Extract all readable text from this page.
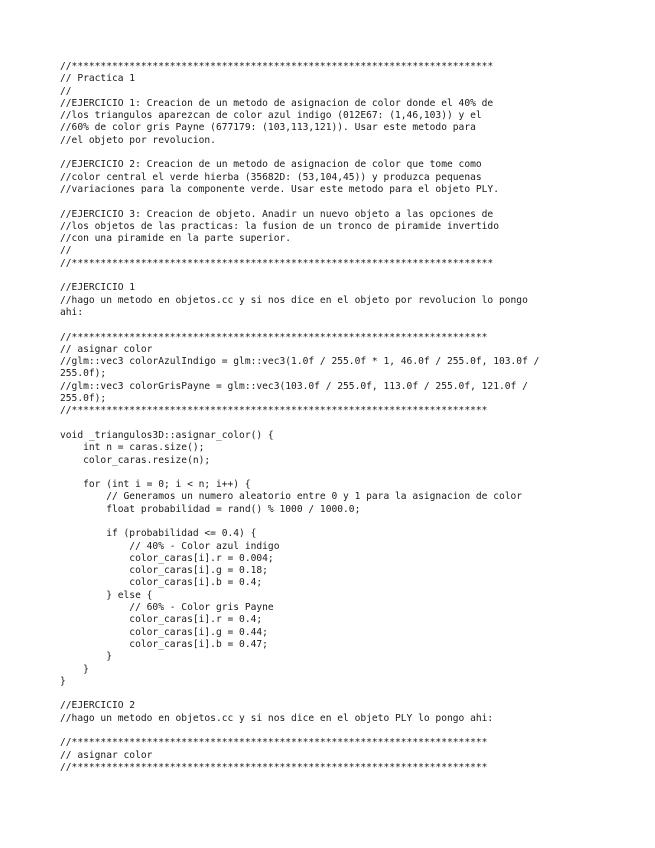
//*************************************************************************
// Practica 1
//
//EJERCICIO 1: Creacion de un metodo de asignacion de color donde el 40% de
//los triangulos aparezcan de color azul indigo (012E67: (1,46,103)) y el
//60% de color gris Payne (677179: (103,113,121)). Usar este metodo para
//el objeto por revolucion.
//EJERCICIO 2: Creacion de un metodo de asignacion de color que tome como
//color central el verde hierba (35682D: (53,104,45)) y produzca pequenas
//variaciones para la componente verde. Usar este metodo para el objeto PLY.
//EJERCICIO 3: Creacion de objeto. Anadir un nuevo objeto a las opciones de
//los objetos de las practicas: la fusion de un tronco de piramide invertido
//con una piramide en la parte superior.
//
//*************************************************************************
//EJERCICIO 1
//hago un metodo en objetos.cc y si nos dice en el objeto por revolucion lo pongo
ahi:
//************************************************************************
// asignar color
//glm::vec3 colorAzulIndigo = glm::vec3(1.0f / 255.0f * 1, 46.0f / 255.0f, 103.0f /
255.0f);
//glm::vec3 colorGrisPayne = glm::vec3(103.0f / 255.0f, 113.0f / 255.0f, 121.0f /
255.0f);
//************************************************************************
void _triangulos3D::asignar_color() {
int n = caras.size();
color_caras.resize(n);
for (int i = 0; i < n; i++) {
// Generamos un numero aleatorio entre 0 y 1 para la asignacion de color
float probabilidad = rand() % 1000 / 1000.0;
if (probabilidad <= 0.4) {
// 40% - Color azul indigo
color_caras[i].r = 0.004;
color_caras[i].g = 0.18;
color_caras[i].b = 0.4;
} else {
// 60% - Color gris Payne
color_caras[i].r = 0.4;
color_caras[i].g = 0.44;
color_caras[i].b = 0.47;
}
}
}
//EJERCICIO 2
//hago un metodo en objetos.cc y si nos dice en el objeto PLY lo pongo ahi:
//************************************************************************
// asignar color
//************************************************************************
